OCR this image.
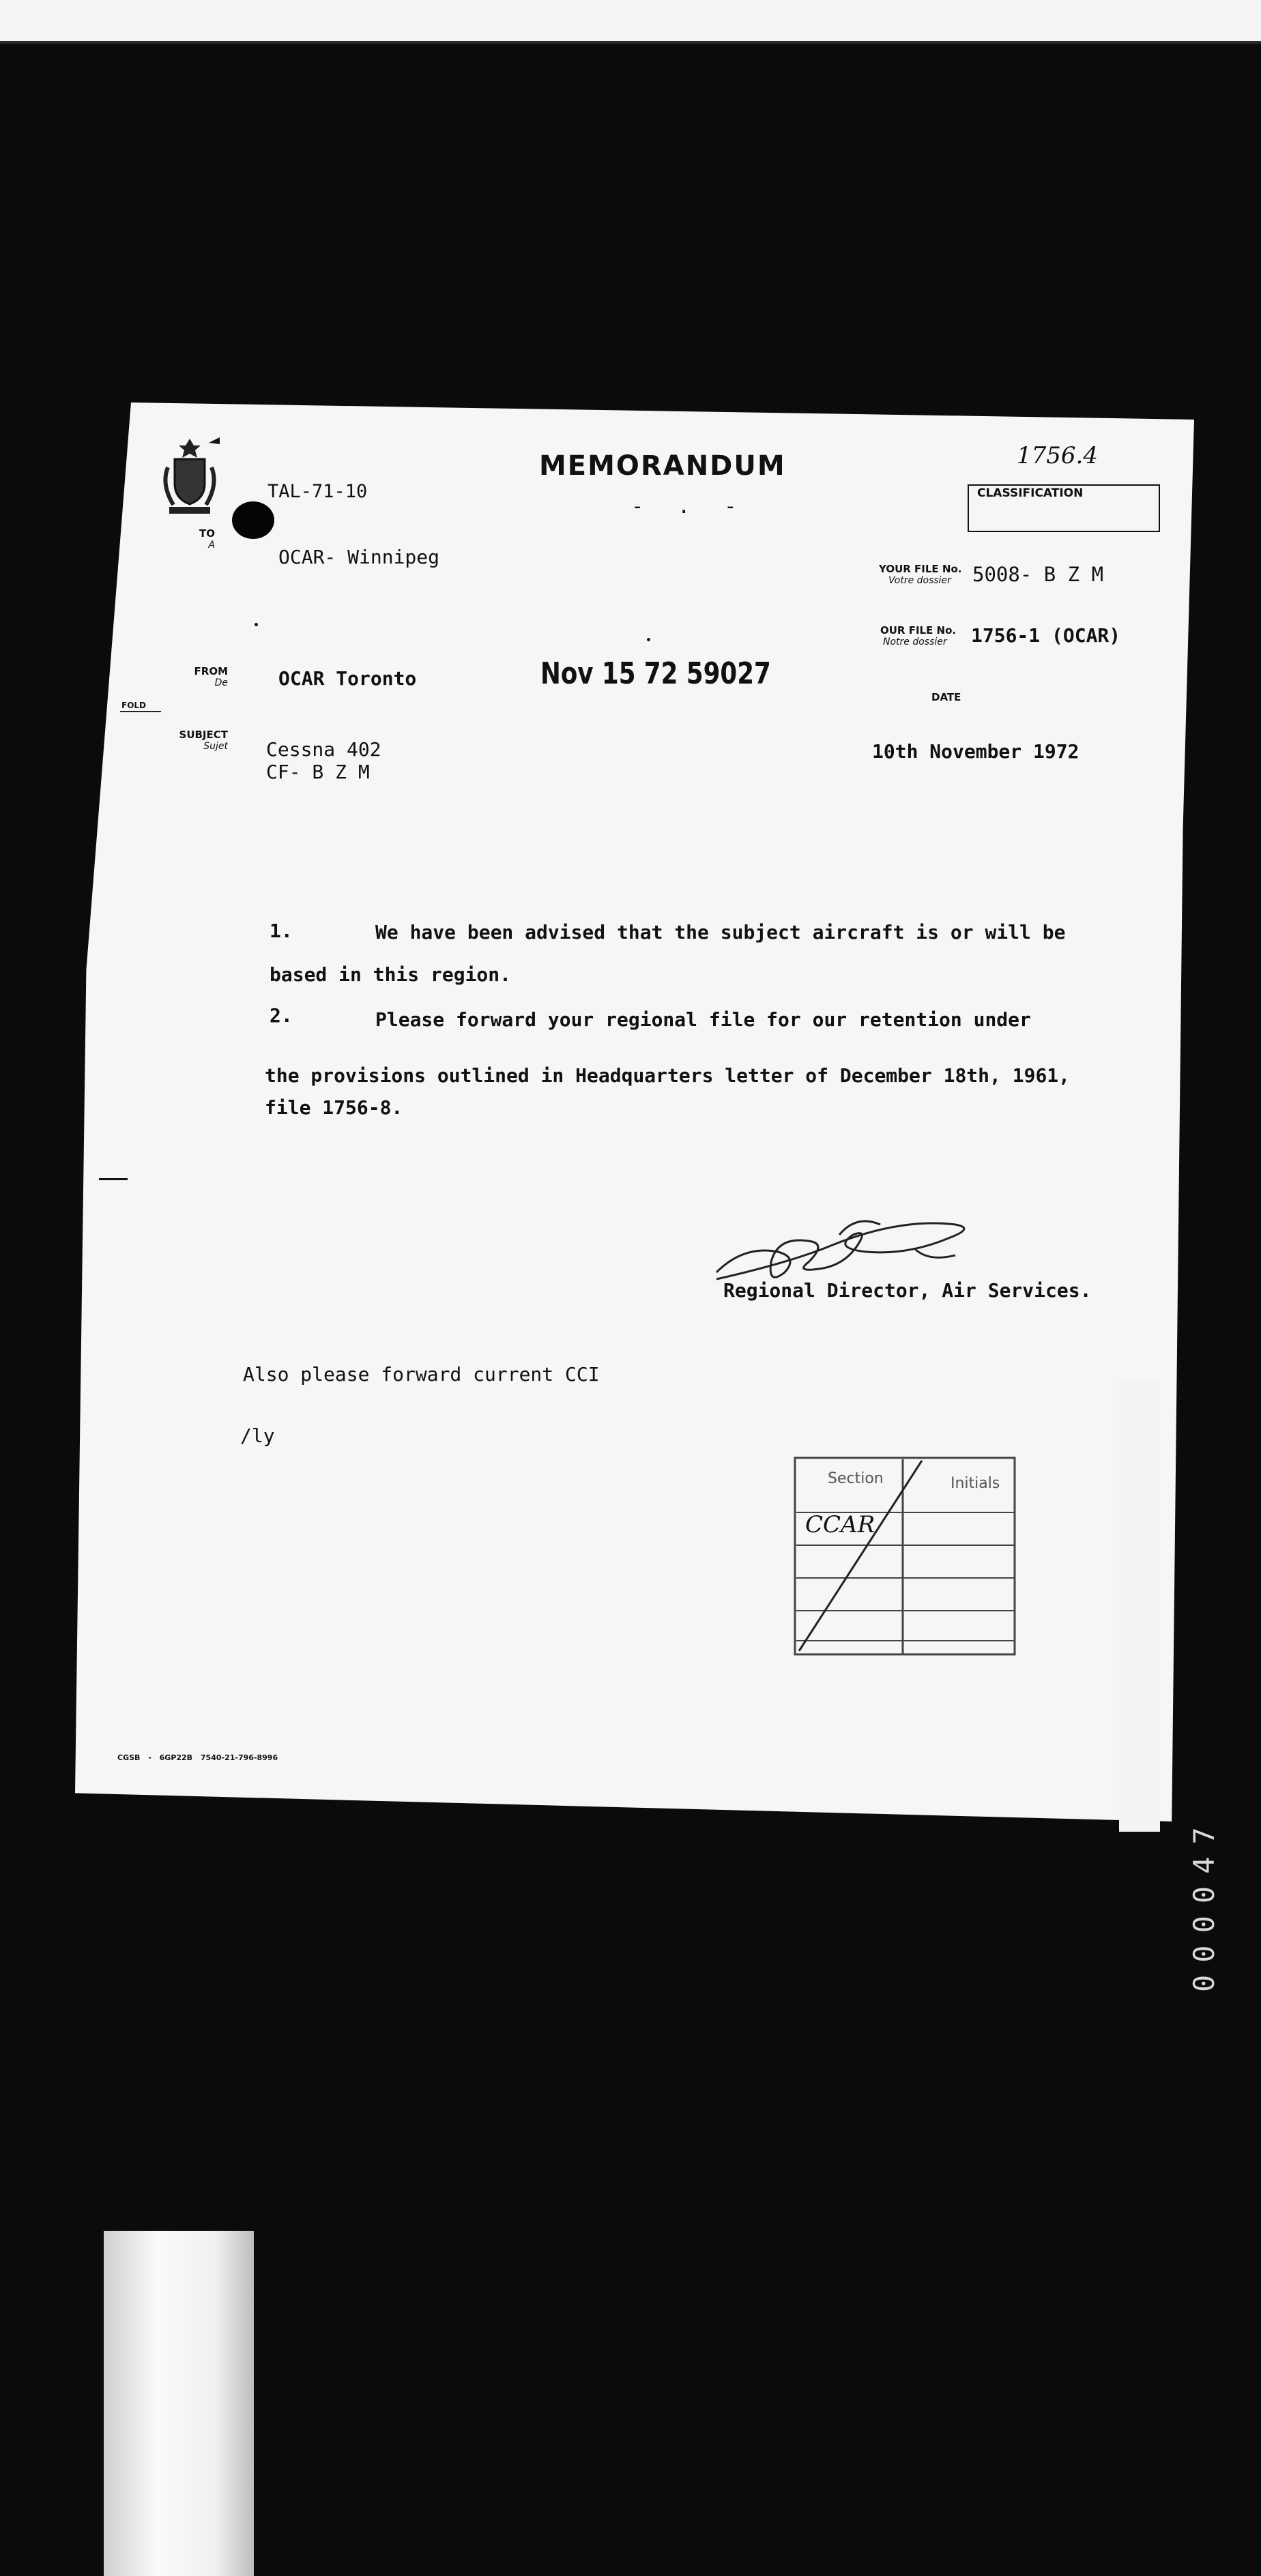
000047
MEMORANDUM
- . -
1756.4
CLASSIFICATION
TAL-71-10
TO
A
OCAR- Winnipeg
FROM
De	OCAR Toronto	Nov 15 72 59027
FOLD
SUBJECT
Sujet Cessna 402
CF- B Z M
YOUR FILE No.
Votre dossier	5008- B Z M
OUR FILE No.
Notre dossier	1756-1 (OCAR)
DATE
10th November 1972
1.	We have been advised that the subject aircraft is or will be
based in this region.
2.	Please forward your regional file for our retention under
the provisions outlined in Headquarters letter of December 18th, 1961,
file 1756-8.
Regional Director, Air Services.
Also please forward current CCI
/ly
Section	Initials
CCAR
CGSB - 6GP22B 7540-21-796-8996
